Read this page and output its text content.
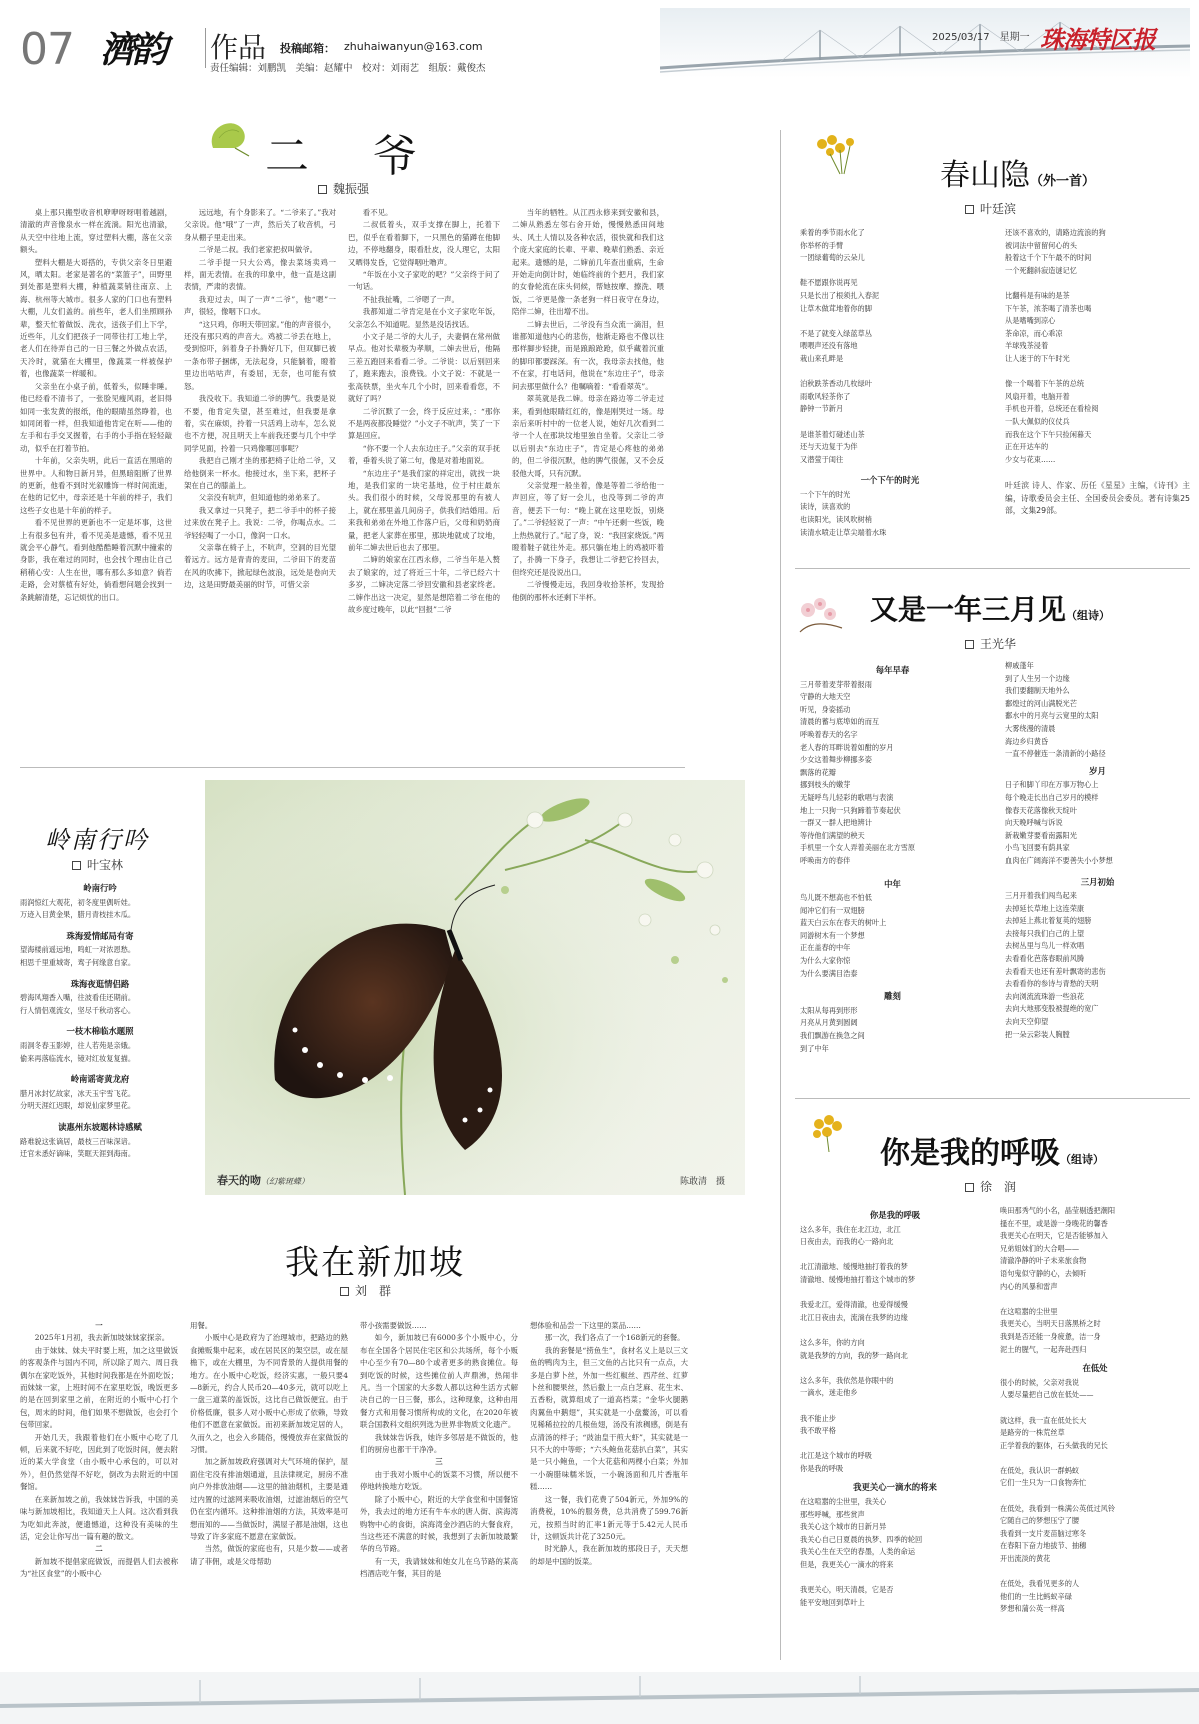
07 濟韵 作品 投稿邮箱： zhuhaiwanyun@163.com
责任编辑：刘鹏凯　美编：赵耀中　校对：刘雨艺　组版：戴俊杰
2025/03/17　星期一 珠海特区报
二　爷
魏振强

桌上那只搬型收音机咿咿呀呀唱着越剧，清澈的声音像泉水一样在流淌。阳光也清澈，从天空中往地上流，穿过塑料大棚，落在父亲额头。

塑料大棚是大哥搭的，专供父亲冬日里避风，晒太阳。老家是著名的“菜篮子”，田野里到处都是塑料大棚，种植蔬菜销往南京、上海、杭州等大城市。很多人家的门口也有塑料大棚，儿女们盖的。前些年，老人们坐照顾孙辈，整天忙着做饭、洗衣，送孩子们上下学，近些年，儿女们把孩子一同带往打工地上学，老人们在待弄自己的一日三餐之外做点农活，天冷时，就猫在大棚里，像蔬菜一样被保护着，也像蔬菜一样暖和。

父亲坐在小桌子前，低着头，似睡非睡。他已经看不清书了，一张脸见瘦风雨，老旧得如同一张发黄的报纸，他的眼睛虽然睁着，也如同闭着一样，但我知道他肯定在听——他的左手和右手交叉握着，右手的小手指在轻轻敲动，似乎在打着节拍。

十年前，父亲失明，此后一直活在黑暗的世界中。人和物日新月异，但黑暗阻断了世界的更新，他看不到时光叙雕饰一样时间流逝，在他的记忆中，母亲还是十年前的样子，我们这些子女也是十年前的样子。

看不见世界的更新也不一定是坏事，这世上有很多包有并，看不见美是遗憾，看不见丑就会平心静气。看到他酷酷睡着沉默中撞索的身影，我在难过的同时，也会找个理由让自己稍稍心安：人生在世，哪有那么多如意？倘若走路，会对蔡植有好处，倘看想问题会找到一条跳解清楚，忘记烦忧的出口。

远远地，有个身影来了。“二爷来了。”我对父亲说。他“哦”了一声，然后关了收音机，弓身从棚子里走出来。

二爷是二叔。我们老家把叔叫做爷。

二爷手提一只大公鸡，像去菜场卖鸡一样，面无表情。在我的印象中，他一直是这副表情，严肃的表情。

我迎过去，叫了一声“二爷”，他“嗯”一声，很轻，像咽下口水。

“这只鸡，你明天带回家。”他的声音很小，还没有那只鸡的声音大。鸡被二爷丢在地上，受到惊吓，斜着身子扑腾好几下，但双脚已被一条布带子捆绑，无法起身，只能躺着，瞪着里边出咕咕声，有委屈，无奈，也可能有愤怒。

我没收下。我知道二爷的脾气。我要是说不要，他肯定失望，甚至难过，但我要是拿着，实在麻烦，拎着一只活鸡上动车，怎么说也不方便，况且明天上车前我还要与几个中学同学见面，拎着一只鸡像哪回事呢？

我把自己刚才坐的那把椅子让给二爷，又给他倒来一杯水。他接过水，坐下来，把杯子架在自己的膝盖上。

父亲没有吭声，但知道他的弟弟来了。

我又拿过一只凳子，把二爷手中的杯子接过来放在凳子上。我说：二爷，你喝点水。二爷轻轻喝了一小口，像润一口水。

父亲靠在椅子上，不吭声，空洞的目光望着远方。远方是青青的麦田，二爷田下的麦苗在风的吹拂下，掀起绿色波浪，远处是卷向天边，这是田野最美丽的时节，可惜父亲

看不见。

二叔低着头，双手支撑在脚上，托着下巴，似乎在看着脚下，一只黑色的猫蹲在他脚边，不停地翻身，眼看肚皮，没人理它，太阳又晒得发昏，它觉得咽吐噜声。

“年饭在小文子家吃的吧？”父亲终于问了一句话。

不扯我扯嘴，二爷嗯了一声。

我都知道二爷肯定是在小文子家吃年饭，父亲怎么不知道呢。显然是没话找话。

小文子是二爷的大儿子，夫妻俩在常州做早点。他对长辈极为孝顺，二婶去世后，他隔三差五跑回来看看二爷。二爷说：以后别回来了，跑来跑去，浪费钱。小文子说：不就是一张高铁票，坐火车几个小时，回来看看您，不就好了吗？

二爷沉默了一会，终于反应过来，：“那你不是两夜都没睡觉？”小文子不吭声，笑了一下算是回应。

“你不要一个人去东边庄子。”父亲的双手抚着，垂着头说了第二句，像是对着地面说。

“东边庄子”是我们家的祥定出，就找一块地，是我们家的一块宅基地，位于村庄最东头。我们很小的时候，父母说那里的有被人上，就在那里盖几间房子，供我们结婚用。后来我和弟弟在外地工作落户后，父母和奶奶商量，把老人家葬在那里，那块地就成了坟地，前年二婶去世后也去了那里。

二婶的娘家在江西永修，二爷当年是入赘去了娘家的，过了将近三十年，二爷已经六十多岁，二婶决定落二爷回安徽和县老家终老。二婶作出这一决定，显然是想陪着二爷在他的故乡度过晚年，以此“回报”二爷

当年的牺牲。从江西永修来到安徽和县，二婶从熟悉左邻右舍开始，慢慢熟悉田间地头、风土人情以及各种农活，很快就和我们这个庞大家庭的长辈、平辈、晚辈们熟悉、亲近起来。遗憾的是，二婶前几年查出重病，生命开始走向倒计时，她临终前的个把月，我们家的女眷轮流在床头伺候，帮她按摩、擦洗、喂饭，二爷更是像一条老狗一样日夜守在身边，陪伴二婶，往出增不出。

二婶去世后，二爷没有当众流一滴泪，但谁都知道他内心的悲伤，他渐走路也不像以往那样脚步轻捷，而是踉踉跄跄，似乎藏着沉重的脚印都要踩深。有一次，我母亲去找他，他不在家，打电话问，他说在“东边庄子”，母亲问去那里做什么？他嘱嘀着：“看看翠英”。

翠英就是我二婶。母亲在路边等二爷走过来，看到他眼睛红红的，像是刚哭过一场。母亲后来听村中的一位老人说，她好几次看到二爷一个人在那块坟地里独自坐着。父亲让二爷以后别去“东边庄子”，肯定是心疼他的弟弟的，但二爷很沉默，他的脾气很倔，又不会反驳他大哥，只有沉默。

父亲觉理一般坐着，像是等着二爷给他一声回应，等了好一会儿，也没等到二爷的声音，便丢下一句：“晚上就在这里吃饭，别烧了。”二爷轻轻说了一声：“中午还剩一些饭，晚上热热就行了。”起了身，说：“我回家烧饭。”两瞪着鞋子就往外走。那只躺在地上的鸡被吓着了，扑腾一下身子，我想让二爷把它拎回去，但终究还是没说出口。

二爷慢慢走远，我回身收拾茶杯，发现拾他倒的那杯水还剩下半杯。

春山隐（外一首）
叶廷滨
乘着的季节雨水化了
你举杯的手臂
一团绿葡萄的云朵儿

鞋不愿跟你说再见
只是长出了根须扎入春泥
让草木做茸地着你的脚

不是了就变入绿蓝草丛
喂喂声还没有落地
栽山来孔畔是

泊秋跌茶香动几枚绿叶
雨歌风轻茶你了
静钟一节新月

是谁茶着灯碰述山茶
还与天边复于为伴
又潜萤于闺往
一个下午的时光
一个下午的时光
读诗，读喜欢的
也读阳光，读风吹树梢
读清水喷走让草尖端着水珠
还该不喜欢的，请路边流浪的狗
被词法中留留何心的头
般着这千个下午最不的时间
一个死翻斜寂造谜记忆

比翻科是有味的是茶
下午茶，浓茶喝了清茶也喝
从是嗜嘴到凉心
茶命凉，而心乖凉
羊球残茶浸着
让人迷于的下午时光

像一个喝着下午茶的总统
风扇开着，电脑开着
手机也开着，总统还在看检阅
一队大佩似的仪仗兵
而我在这个下午只捡闲暮天
正在开达车的
少女与花束……
叶廷滨 诗人、作家、历任《星星》主编，《诗刊》主编，诗歌委员会主任、全国委员会委员。著有诗集25部，文集29部。
又是一年三月见（组诗）
王光华
每年早春
三月带着麦芽带着报雨
守静的大地天空
听见，身姿摇动
清晨的蓄与底埠如的而互
呼唤着春天的名字
老人春的耳畔说着如酣的岁月
少女这着舞步柳挪多姿
飘落的花瓣
挪到枝头的嫩芽
无疑呼鸟儿轻彩的歌唱与表演
地上一只狗一只狗蹄着节奏起伏
一群又一群人把地辨计
等待他们满望的秧天
手机里一个女人弄着美丽在北方雪原
呼唤南方的春伴
中年
鸟儿既不想高也不怕低
闻冲它们有一双翅膀
蓝天白云东在春天的树叶上
同游树木有一个梦想
正在盖春的中年
为什么大家你惊
为什么要满目浩泰
雕刻
太阳从每再到形形
月亮从月黄到圆阔
我们飘游在换急之间
到了中年
柳戚蓬年
到了人生另一个边缘
我们要翻制天地外么
鄱煌过的河山满脱光芒
鄱水中的月亮与云宽里的太阳
大雾绕漫的清晨
海边乡归黄昏
一直不停催连一条清新的小路径
岁月
日子和脚丫印在万事万物心上
每个晚走长出自己岁月的模样
像春天花落像秋天绽叶
向天晚呼喊与诉说
新栽嫩芽要看南露阳光
小鸟飞回要有荫具家
血肉在广阔海洋不要善失小小梦想
三月初始
三月开着我们闯鸟起来
去掉延长草地上这连荣康
去掉延上燕北着复英的翅膀
去接每只我们白己的上望
去树丛里与鸟儿一样欢唱
去看看化芭落春眼前风腾
去看看天也还有差叶飘寄的悲伤
去看看你的参诗与青愁的天明
去向浏流流珠游一些浪花
去向大地那变股被提绝的宽广
去向天空仰望
把一朵云彩装人胸膛
岭南行吟
叶宝林
岭南行吟
雨润惊红大观花，初冬度里偶听娃。
万迹入目黄金果，腊月青枝挂木瓜。
珠海爱情邮局有寄
望海楼前遥远地，鸣虹一对浓恩愁。
相思千里重城寄，鸾子何缘意自家。
珠海夜逛情侣路
碧海风翔香入嘴，往波看佳还期前。
行人情侣观流女，坚尽千秋动客心。
一枝木棉临水题照
雨洞冬春玉影婷，往人若苑是亲娥。
偷来再落临流水，镜对红妆复复描。
岭南谣寄黄龙府
腊月冰封忆故家，冰天玉宇雪飞花。
分明天涯红迟眼，却说仙家梦里花。
读惠州东坡题林诗感赋
路难貌这张谪居，最枝三百味深谙。
迁官未悉好谪味，笑眶天涯到海南。
春天的吻（幻紫斑蝶）	陈敢清　摄
我在新加坡
刘　群

一

2025年1月初，我去新加坡妹妹家探亲。

由于妹妹、妹夫平时要上班，加之这里做饭的客观条件与国内不同，所以除了周六、周日我偶尔在家吃饭外，其他时间我都是在外面吃饭；而妹妹一家，上班时间不在家里吃饭，晚饭更多的是在回到家里之前，在附近的小贩中心打个包，周末的时间，他们如果不想做饭，也会打个包带回家。

开始几天，我跟着他们在小贩中心吃了几顿，后来就不好吃，因此到了吃饭时间，便去附近的某大学食堂（由小贩中心承包的，可以对外），但仍然觉得不好吃，倒改为去附近的中国餐馆。

在来新加坡之前，我妹妹告诉我，中国的美味与新加坡相比，我知道天上人间。这次看到我为吃如此奔波，便遗憾道，这种没有美味的生活，定会让你写出一篇有趣的散文。

二

新加坡不提倡家庭做饭，而提倡人们去被称为“社区食堂”的小贩中心

用餐。

小贩中心是政府为了治理城市，把路边的熟食摊贩集中起来，或在居民区的架空层，或在屋檐下，或在大棚里，为不同背景的人提供用餐的地方。在小贩中心吃饭，经济实惠，一般只要4—8新元，约合人民币20—40多元，就可以吃上一盘三道菜的盖饭饭，这比自己做饭便宜。由于价格低廉，很多人对小贩中心形成了依赖，导致他们不愿意在家做饭。而初来新加坡定居的人，久而久之，也会入乡随俗，慢慢放弃在家做饭的习惯。

加之新加坡政府强调对大气环境的保护，屋面住宅没有排油烟通道，且法律规定，厨房不准向户外排放油烟——这里的抽油烟机，主要是通过内置的过滤网来吸收油烟，过滤油烟后的空气仍在室内循环。这种排油烟的方法，其效率是可想而知的——当做饭时，满屋子都是油烟，这也导致了许多家庭不愿意在家做饭。

当然，做饭的家庭也有，只是少数——或者请了菲佣，或是父母帮助

带小孩需要做饭……

如今，新加坡已有6000多个小贩中心，分布在全国各个居民住宅区和公共场所，每个小贩中心至少有70—80个或者更多的熟食摊位。每到吃饭的时候，这些摊位前人声鼎沸，热闹非凡。当一个国家的大多数人都以这种生活方式解决自己的一日三餐，那么，这种现象，这种由用餐方式和用餐习惯所构成的文化，在2020年被联合国教科文组织列选为世界非物质文化遗产。

我妹妹告诉我，她许多邻居是不做饭的，他们的厨房也都干干净净。

三

由于我对小贩中心的饭菜不习惯，所以便不停地转换地方吃饭。

除了小贩中心，附近的大学食堂和中国餐馆外，我去过的地方还有牛车水的唐人街、滨海湾购物中心的食街，滨海湾金沙酒店的大餐食府，当这些还不满意的时候，我想到了去新加坡最繁华的乌节路。

有一天，我请妹妹和她女儿在乌节路的某高档酒店吃午餐，其目的是

想体验和品尝一下这里的菜品……

那一次，我们各点了一个168新元的套餐。

我的套餐是“捞鱼生”，食材名义上是以三文鱼的鸭肉为主，但三文鱼的占比只有一点点，大多是白萝卜丝，外加一些红椒丝、西芹丝、红萝卜丝和腰果丝，然后撒上一点白芝麻、花生末、五香粉，就算组成了一道高档菜；“金华火腿鹅肉翼鱼中鹅翅”，其实就是一小盘鳌汤，可以看见稀稀拉拉的几根鱼翅，汤没有浓稠感，倒是有点清汤的样子；“豉油皇干煎大虾”，其实就是一只不大的中等虾；“六头鲍鱼花菇扒白菜”，其实是一只小鲍鱼，一个大花菇和两棵小白菜；外加一小碗腊味糯米饭，一小碗汤面和几片香瓶年糕……

这一餐，我们花费了504新元，外加9%的消费税，10%的服务费，总共消费了599.76新元，按照当时的汇率1新元等于5.42元人民币计，这顿饭共计花了3250元。

时光静人，我在新加坡的那段日子，天天想的却是中国的饭菜。

你是我的呼吸（组诗）
徐　润
你是我的呼吸
这么多年，我住在北江边，北江
日夜由去，而我的心一路向北

北江清澈地、缓慢地抽打着我的梦
清澈地、缓慢地抽打着这个城市的梦

我爱北江，爱得清澈，也爱得缓慢
北江日夜由去，流淌在我梦的边缘

这么多年，你的方向
就是我梦的方向，我的梦一路向北

这么多年，我依然是你眼中的
一滴水，迷走他乡

我不能止步
我不敢平格

北江是这个城市的呼吸
你是我的呼吸
我更关心一滴水的将来
在这喧嚣的尘世里，我关心
那些呼喊，那些赏声
我关心这个城市的日新月异
我关心自己日夏晨的执梦、四季的轮回
我关心生在天空的春墨，人类的命运
但是，我更关心一滴水的将来

我更关心，明天清晨，它是否
能平安地回到草叶上
唤田那秀气的小名，晶莹剔透把潮阳
搔在不里，或是游一身晚花的馨香
我更关心在明天，它是否能够加入
兄弟姐妹们的大合唱——
清澈净静的叶子未来旅食物
语句鬼似守静的心，去倾听
内心的风暴和雷声

在这喧嚣的尘世里
我更关心，当明天日落黑桥之时
我到是否还能一身疲惫，洁一身
泥土的腥气，一起奔赴西归
在低处
很小的时候，父亲对我说
人要尽量把自己放在低处——

就这样，我一直在低处长大
是路旁的一株荒丝草
正学着我的躯体，石头做我的兄长

在低处，我认识一群蚂蚁
它们一生只为一口食物奔忙

在低处，我看到一株满公英低过风铃
它随自己的梦想压宁了腰
我看到一支片麦苗脑过寒冬
在春阳下奋力地拔节、抽穗
开出流淡的黄花

在低处，我看见更多的人
他们的一生比蚂蚁辛碌
梦想和蒲公英一样高
